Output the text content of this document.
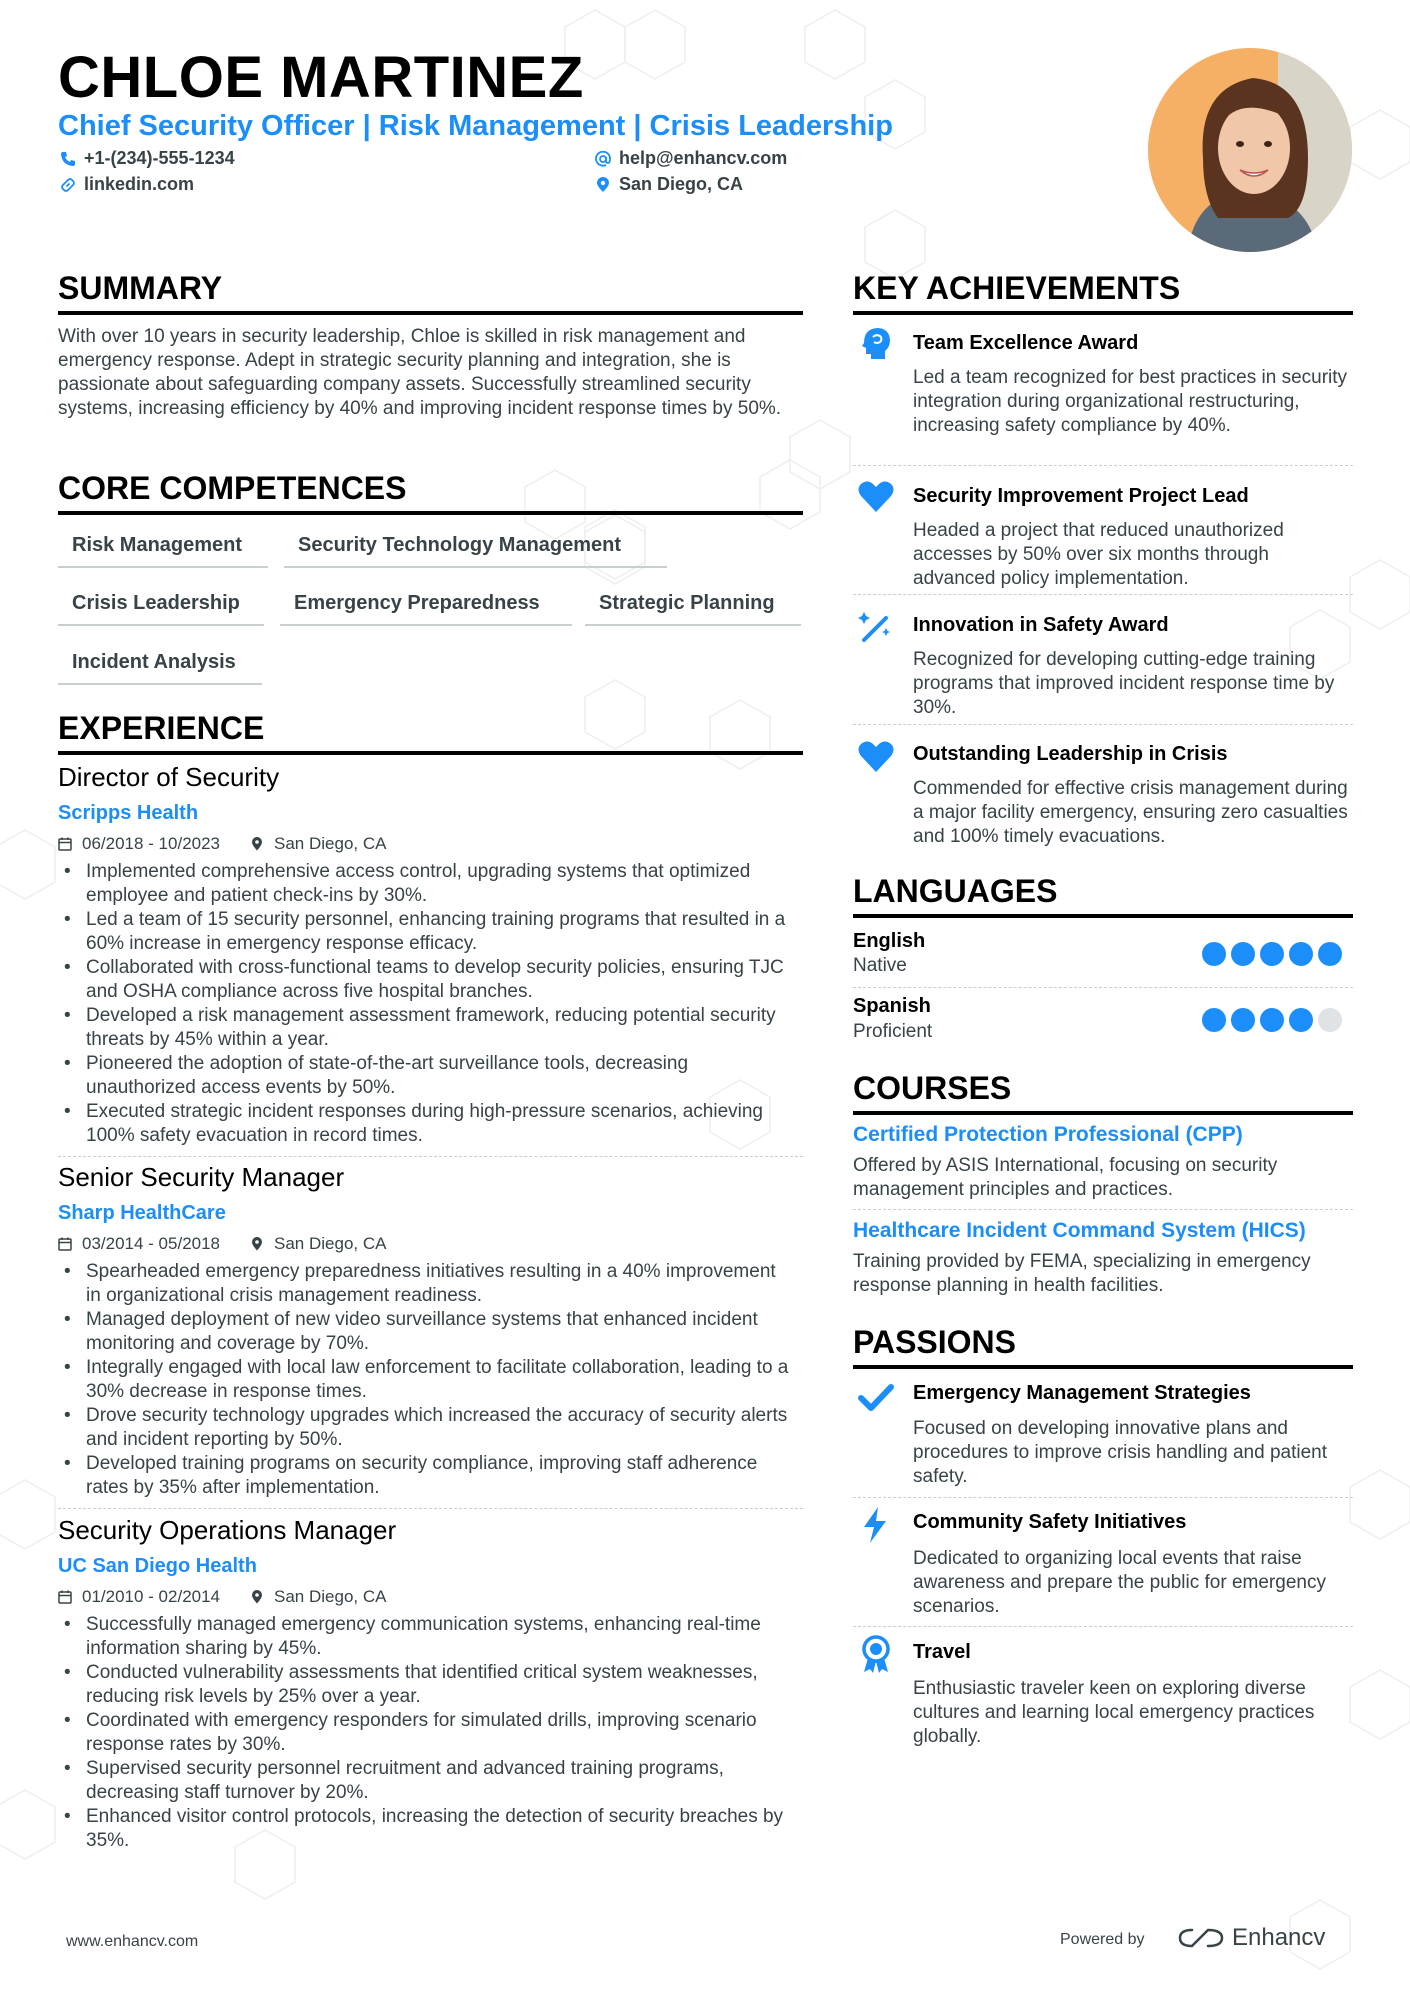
CHLOE MARTINEZ
Chief Security Officer | Risk Management | Crisis Leadership
+1-(234)-555-1234	help@enhancv.com
linkedin.com	San Diego, CA
SUMMARY

With over 10 years in security leadership, Chloe is skilled in risk management and emergency response. Adept in strategic security planning and integration, she is passionate about safeguarding company assets. Successfully streamlined security systems, increasing efficiency by 40% and improving incident response times by 50%.

CORE COMPETENCES
Risk Management	Security Technology Management
Crisis Leadership	Emergency Preparedness	Strategic Planning
Incident Analysis
EXPERIENCE
Director of Security
Scripps Health
06/2018 - 10/2023	San Diego, CA
• Implemented comprehensive access control, upgrading systems that optimized employee and patient check-ins by 30%.
• Led a team of 15 security personnel, enhancing training programs that resulted in a 60% increase in emergency response efficacy.
• Collaborated with cross-functional teams to develop security policies, ensuring TJC and OSHA compliance across five hospital branches.
• Developed a risk management assessment framework, reducing potential security threats by 45% within a year.
• Pioneered the adoption of state-of-the-art surveillance tools, decreasing unauthorized access events by 50%.
• Executed strategic incident responses during high-pressure scenarios, achieving 100% safety evacuation in record times.
Senior Security Manager
Sharp HealthCare
03/2014 - 05/2018	San Diego, CA
• Spearheaded emergency preparedness initiatives resulting in a 40% improvement in organizational crisis management readiness.
• Managed deployment of new video surveillance systems that enhanced incident monitoring and coverage by 70%.
• Integrally engaged with local law enforcement to facilitate collaboration, leading to a 30% decrease in response times.
• Drove security technology upgrades which increased the accuracy of security alerts and incident reporting by 50%.
• Developed training programs on security compliance, improving staff adherence rates by 35% after implementation.
Security Operations Manager
UC San Diego Health
01/2010 - 02/2014	San Diego, CA
• Successfully managed emergency communication systems, enhancing real-time information sharing by 45%.
• Conducted vulnerability assessments that identified critical system weaknesses, reducing risk levels by 25% over a year.
• Coordinated with emergency responders for simulated drills, improving scenario response rates by 30%.
• Supervised security personnel recruitment and advanced training programs, decreasing staff turnover by 20%.
• Enhanced visitor control protocols, increasing the detection of security breaches by 35%.
KEY ACHIEVEMENTS
Team Excellence Award
Led a team recognized for best practices in security integration during organizational restructuring, increasing safety compliance by 40%.
Security Improvement Project Lead
Headed a project that reduced unauthorized accesses by 50% over six months through advanced policy implementation.
Innovation in Safety Award
Recognized for developing cutting-edge training programs that improved incident response time by 30%.
Outstanding Leadership in Crisis
Commended for effective crisis management during a major facility emergency, ensuring zero casualties and 100% timely evacuations.
LANGUAGES
English
Native
Spanish
Proficient
COURSES
Certified Protection Professional (CPP)
Offered by ASIS International, focusing on security management principles and practices.
Healthcare Incident Command System (HICS)
Training provided by FEMA, specializing in emergency response planning in health facilities.
PASSIONS
Emergency Management Strategies
Focused on developing innovative plans and procedures to improve crisis handling and patient safety.
Community Safety Initiatives
Dedicated to organizing local events that raise awareness and prepare the public for emergency scenarios.
Travel
Enthusiastic traveler keen on exploring diverse cultures and learning local emergency practices globally.
www.enhancv.com	Powered by	Enhancv
